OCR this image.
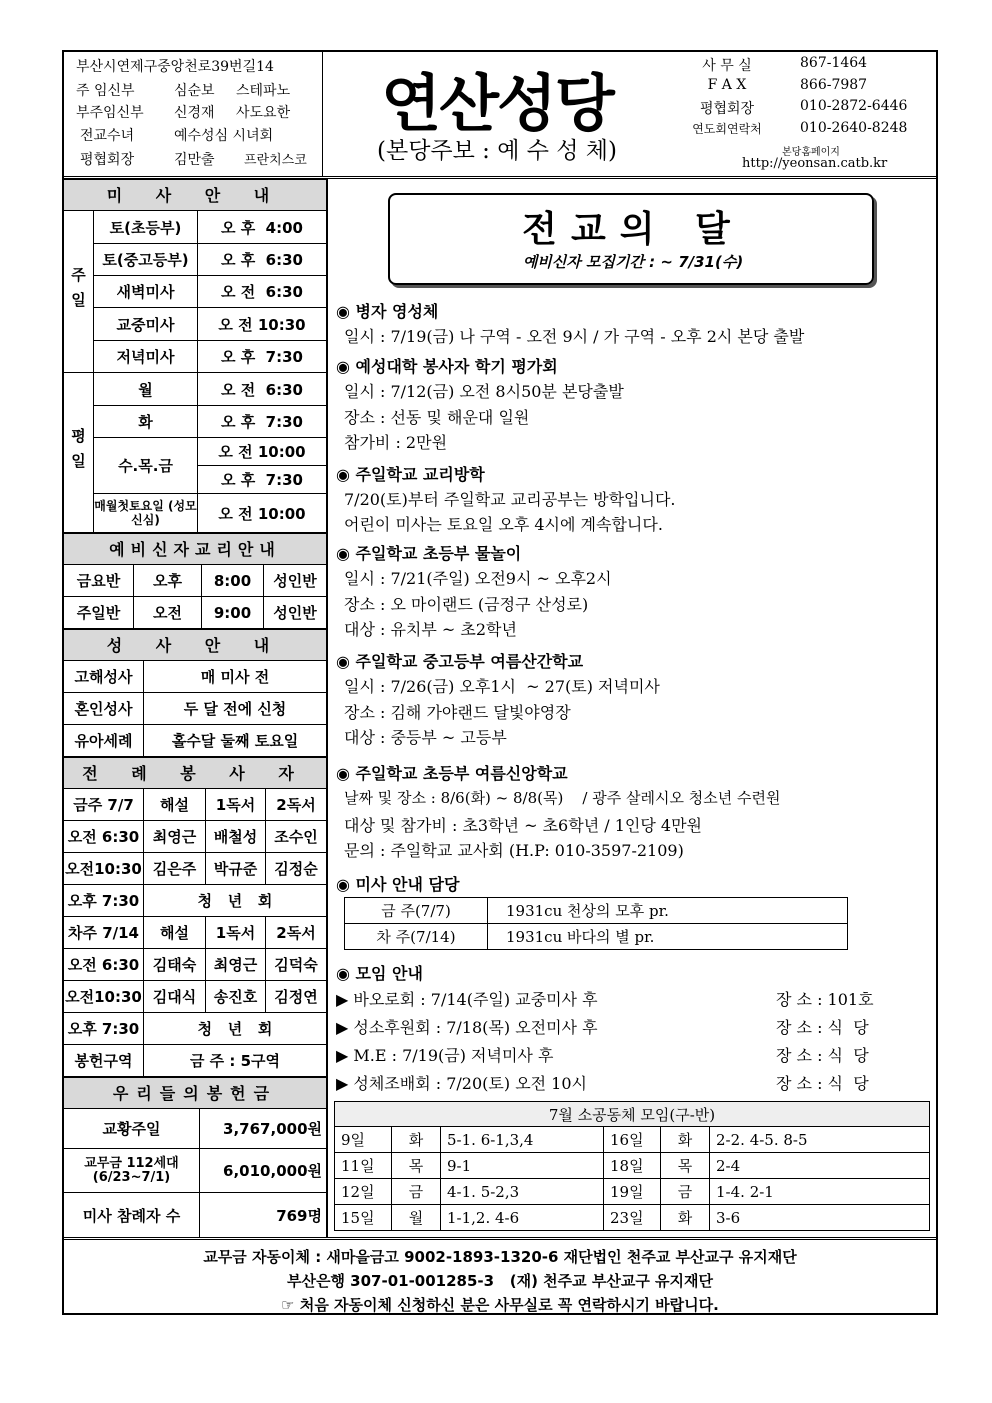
부산시연제구중앙천로39번길14
주 임신부	심순보 스테파노
부주임신부 신경재 사도요한
전교수녀	예수성심 시녀회
평협회장	김만출 프란치스코
연산성당
(본당주보 : 예 수 성 체)
사 무 실	867-1464
F A X	866-7987
평협회장	010-2872-6446
연도회연락처	010-2640-8248
본당홈페이지
http://yeonsan.catb.kr
미 사 안 내
주일
토(초등부)	오 후  4:00
토(중고등부)	오 후  6:30
새벽미사	오 전  6:30
교중미사	오 전 10:30
저녁미사	오 후  7:30
평일
월	오 전  6:30
화	오 후  7:30
수.목.금
오 전 10:00
오 후  7:30
매월첫토요일 (성모신심)	오 전 10:00
예비신자교리안내
금요반	오후	8:00	성인반
주일반	오전	9:00	성인반
성 사 안 내
고해성사	매 미사 전
혼인성사	두 달 전에 신청
유아세례	홀수달 둘째 토요일
전 례 봉 사 자
금주 7/7	해설	1독서	2독서
오전 6:30 최영근	배철성	조수인
오전10:30 김은주	박규준	김정순
오후 7:30	청   년   회
차주 7/14	해설	1독서	2독서
오전 6:30 김태숙	최영근	김덕숙
오전10:30 김대식	송진호	김정연
오후 7:30	청   년   회
봉헌구역	금 주 : 5구역
우리들의봉헌금
교황주일	3,767,000원
교무금 112세대 (6/23~7/1)	6,010,000원
미사 참례자 수	769명
전교의 달
예비신자 모집기간 : ~ 7/31(수)
◉ 병자 영성체
일시 : 7/19(금) 나 구역 - 오전 9시 / 가 구역 - 오후 2시 본당 출발
◉ 예성대학 봉사자 학기 평가회
일시 : 7/12(금) 오전 8시50분 본당출발
장소 : 선동 및 해운대 일원
참가비 : 2만원
◉ 주일학교 교리방학
7/20(토)부터 주일학교 교리공부는 방학입니다.
어린이 미사는 토요일 오후 4시에 계속합니다.
◉ 주일학교 초등부 물놀이
일시 : 7/21(주일) 오전9시 ~ 오후2시
장소 : 오 마이랜드 (금정구 산성로)
대상 : 유치부 ~ 초2학년
◉ 주일학교 중고등부 여름산간학교
일시 : 7/26(금) 오후1시  ~ 27(토) 저녁미사
장소 : 김해 가야랜드 달빛야영장
대상 : 중등부 ~ 고등부
◉ 주일학교 초등부 여름신앙학교
날짜 및 장소 : 8/6(화) ~ 8/8(목)    / 광주 살레시오 청소년 수련원
대상 및 참가비 : 초3학년 ~ 초6학년 / 1인당 4만원
문의 : 주일학교 교사회 (H.P: 010-3597-2109)
◉ 미사 안내 담당
금 주(7/7)	1931cu 천상의 모후 pr.
차 주(7/14)	1931cu 바다의 별 pr.
◉ 모임 안내
▶ 바오로회 : 7/14(주일) 교중미사 후	장 소 : 101호
▶ 성소후원회 : 7/18(목) 오전미사 후	장 소 : 식  당
▶ M.E : 7/19(금) 저녁미사 후	장 소 : 식  당
▶ 성체조배회 : 7/20(토) 오전 10시	장 소 : 식  당
7월 소공동체 모임(구-반)					
9일	화	5-1. 6-1,3,4	16일	화	2-2. 4-5. 8-5
11일	목	9-1	18일	목	2-4
12일	금	4-1. 5-2,3	19일	금	1-4. 2-1
15일	월	1-1,2. 4-6	23일	화	3-6
교무금 자동이체 : 새마을금고 9002-1893-1320-6 재단법인 천주교 부산교구 유지재단
부산은행 307-01-001285-3   (재) 천주교 부산교구 유지재단
☞ 처음 자동이체 신청하신 분은 사무실로 꼭 연락하시기 바랍니다.
